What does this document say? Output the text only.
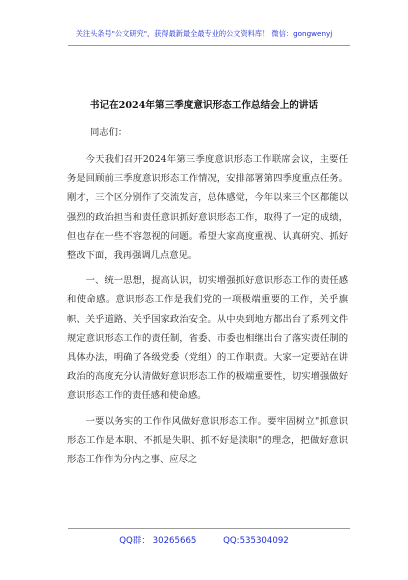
关注头条号"公文研究"，获得最新最全最专业的公文资料库！ 微信：gongwenyj
书记在2024年第三季度意识形态工作总结会上的讲话
同志们：

今天我们召开2024年第三季度意识形态工作联席会议，主要任务是回顾前三季度意识形态工作情况，安排部署第四季度重点任务。刚才，三个区分别作了交流发言，总体感觉，今年以来三个区都能以强烈的政治担当和责任意识抓好意识形态工作，取得了一定的成绩，但也存在一些不容忽视的问题。希望大家高度重视、认真研究、抓好整改下面，我再强调几点意见。

一、统一思想，提高认识，切实增强抓好意识形态工作的责任感和使命感。意识形态工作是我们党的一项极端重要的工作，关乎旗帜、关乎道路、关乎国家政治安全。从中央到地方都出台了系列文件规定意识形态工作的责任制，省委、市委也相继出台了落实责任制的具体办法，明确了各级党委（党组）的工作职责。大家一定要站在讲政治的高度充分认清做好意识形态工作的极端重要性，切实增强做好意识形态工作的责任感和使命感。

一要以务实的工作作风做好意识形态工作。要牢固树立"抓意识形态工作是本职、不抓是失职、抓不好是渎职"的理念，把做好意识形态工作作为分内之事、应尽之

QQ群： 30265665	QQ:535304092
